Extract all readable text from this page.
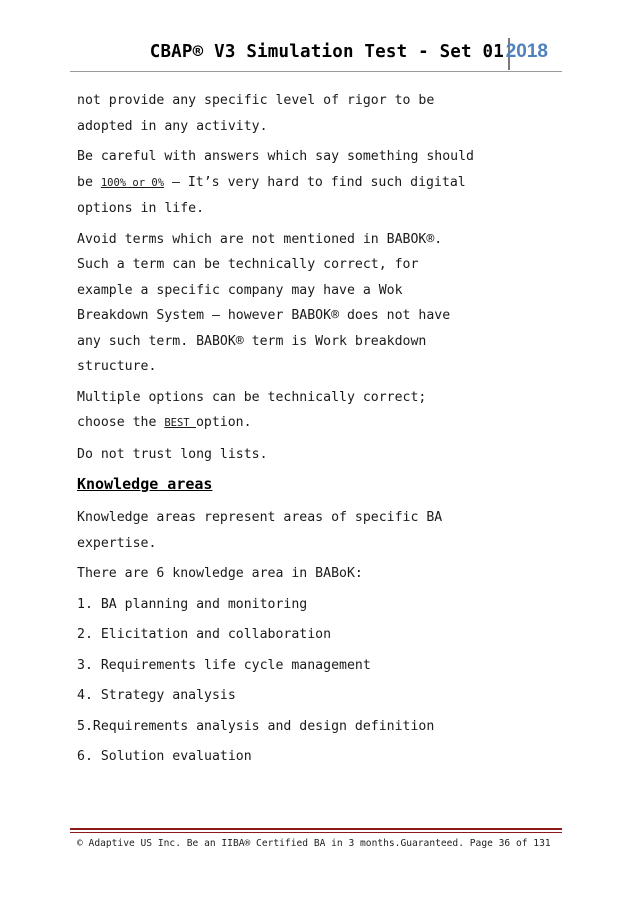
CBAP® V3 Simulation Test - Set 01 2018

not provide any specific level of rigor to be adopted in any activity.

Be careful with answers which say something should be 100% or 0% – It’s very hard to find such digital options in life.

Avoid terms which are not mentioned in BABOK®. Such a term can be technically correct, for example a specific company may have a Wok Breakdown System – however BABOK® does not have any such term. BABOK® term is Work breakdown structure.

Multiple options can be technically correct; choose the BEST option.

Do not trust long lists.

Knowledge areas

Knowledge areas represent areas of specific BA expertise.

There are 6 knowledge area in BABoK:

1. BA planning and monitoring

2. Elicitation and collaboration

3. Requirements life cycle management

4. Strategy analysis

5.Requirements analysis and design definition

6. Solution evaluation

© Adaptive US Inc. Be an IIBA® Certified BA in 3 months.Guaranteed. Page 36 of 131
